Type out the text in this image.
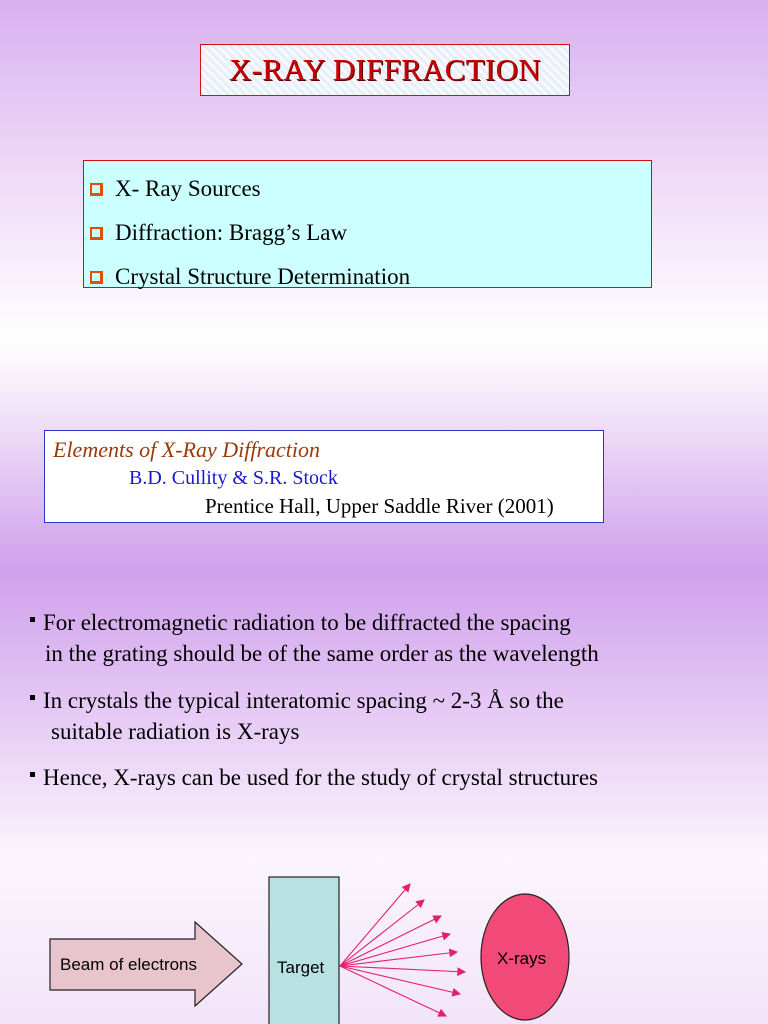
X-RAY DIFFRACTION
X- Ray Sources
Diffraction: Bragg’s Law
Crystal Structure Determination
Elements of X-Ray Diffraction
B.D. Cullity & S.R. Stock
Prentice Hall, Upper Saddle River (2001)
For electromagnetic radiation to be diffracted the spacing
in the grating should be of the same order as the wavelength
In crystals the typical interatomic spacing ~ 2-3 Å so the
suitable radiation is X-rays
Hence, X-rays can be used for the study of crystal structures
Beam of electrons	Target	X-rays
